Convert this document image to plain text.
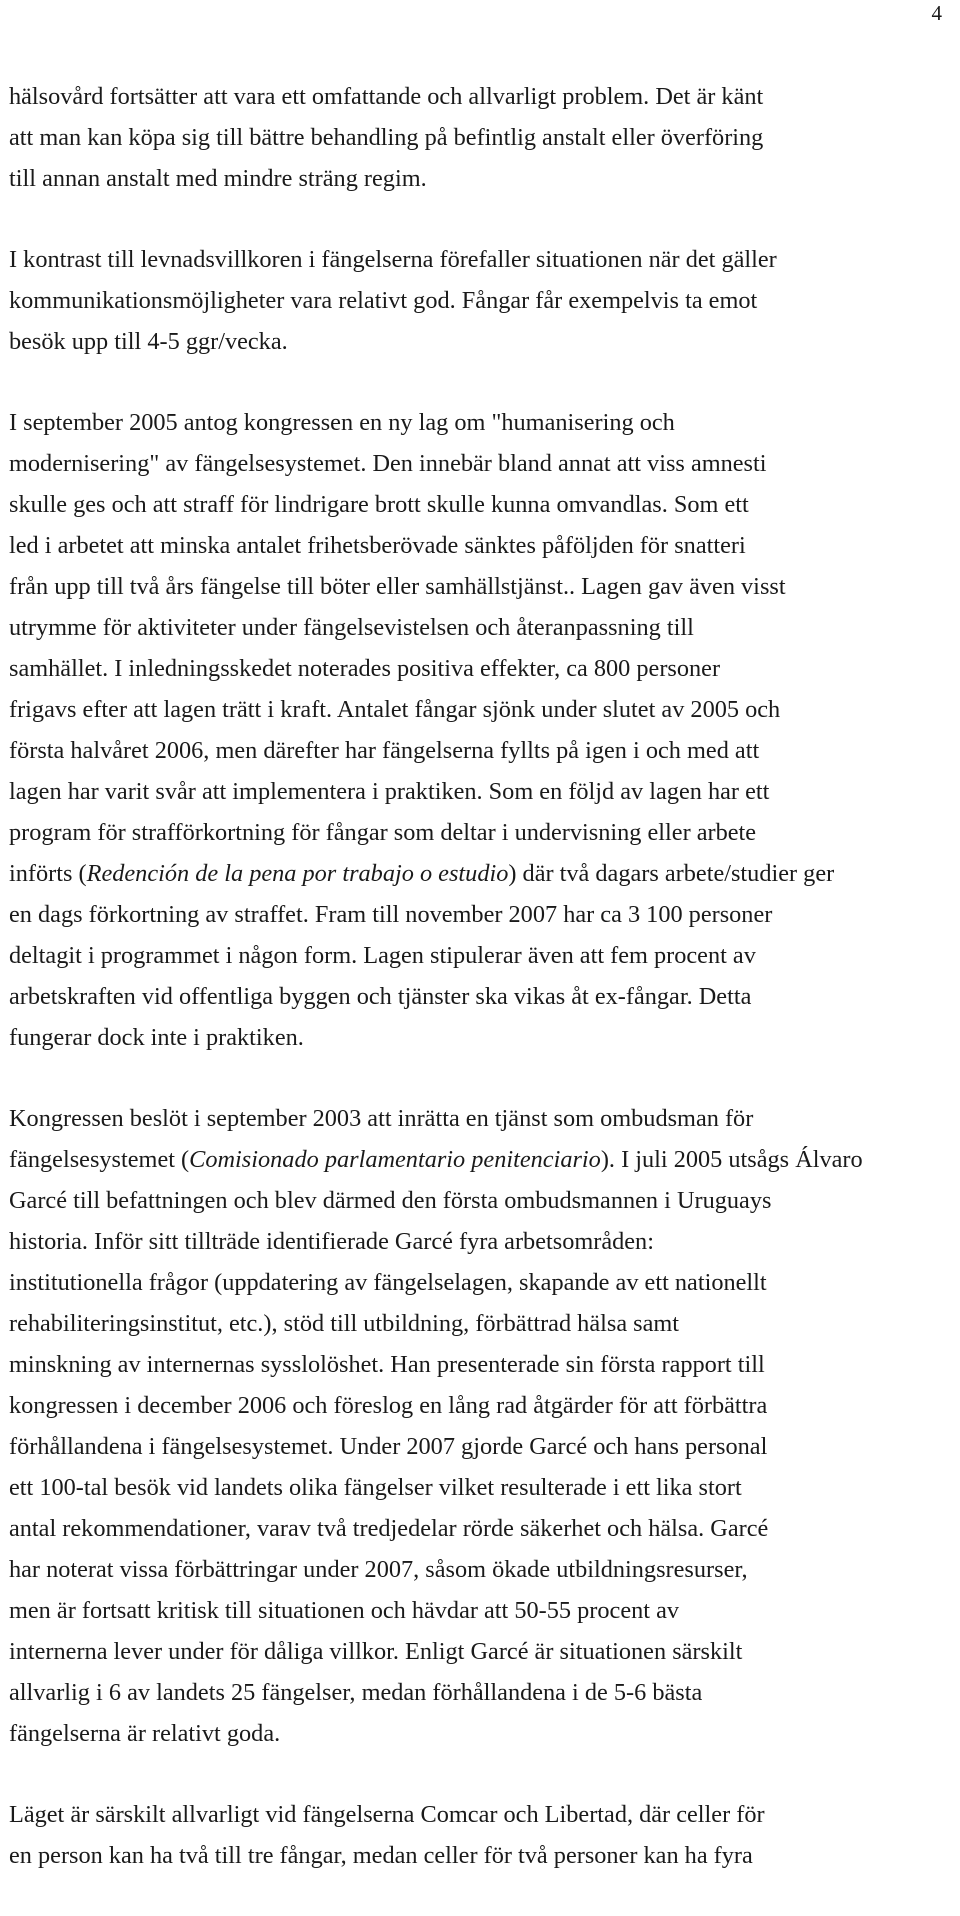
4

hälsovård fortsätter att vara ett omfattande och allvarligt problem. Det är känt
att man kan köpa sig till bättre behandling på befintlig anstalt eller överföring
till annan anstalt med mindre sträng regim.

I kontrast till levnadsvillkoren i fängelserna förefaller situationen när det gäller
kommunikationsmöjligheter vara relativt god. Fångar får exempelvis ta emot
besök upp till 4-5 ggr/vecka.

I september 2005 antog kongressen en ny lag om "humanisering och
modernisering" av fängelsesystemet. Den innebär bland annat att viss amnesti
skulle ges och att straff för lindrigare brott skulle kunna omvandlas. Som ett
led i arbetet att minska antalet frihetsberövade sänktes påföljden för snatteri
från upp till två års fängelse till böter eller samhällstjänst.. Lagen gav även visst
utrymme för aktiviteter under fängelsevistelsen och återanpassning till
samhället. I inledningsskedet noterades positiva effekter, ca 800 personer
frigavs efter att lagen trätt i kraft. Antalet fångar sjönk under slutet av 2005 och
första halvåret 2006, men därefter har fängelserna fyllts på igen i och med att
lagen har varit svår att implementera i praktiken. Som en följd av lagen har ett
program för strafförkortning för fångar som deltar i undervisning eller arbete
införts (Redención de la pena por trabajo o estudio) där två dagars arbete/studier ger
en dags förkortning av straffet. Fram till november 2007 har ca 3 100 personer
deltagit i programmet i någon form. Lagen stipulerar även att fem procent av
arbetskraften vid offentliga byggen och tjänster ska vikas åt ex-fångar. Detta
fungerar dock inte i praktiken.

Kongressen beslöt i september 2003 att inrätta en tjänst som ombudsman för
fängelsesystemet (Comisionado parlamentario penitenciario). I juli 2005 utsågs Álvaro
Garcé till befattningen och blev därmed den första ombudsmannen i Uruguays
historia. Inför sitt tillträde identifierade Garcé fyra arbetsområden:
institutionella frågor (uppdatering av fängelselagen, skapande av ett nationellt
rehabiliteringsinstitut, etc.), stöd till utbildning, förbättrad hälsa samt
minskning av internernas sysslolöshet. Han presenterade sin första rapport till
kongressen i december 2006 och föreslog en lång rad åtgärder för att förbättra
förhållandena i fängelsesystemet. Under 2007 gjorde Garcé och hans personal
ett 100-tal besök vid landets olika fängelser vilket resulterade i ett lika stort
antal rekommendationer, varav två tredjedelar rörde säkerhet och hälsa. Garcé
har noterat vissa förbättringar under 2007, såsom ökade utbildningsresurser,
men är fortsatt kritisk till situationen och hävdar att 50-55 procent av
internerna lever under för dåliga villkor. Enligt Garcé är situationen särskilt
allvarlig i 6 av landets 25 fängelser, medan förhållandena i de 5-6 bästa
fängelserna är relativt goda.

Läget är särskilt allvarligt vid fängelserna Comcar och Libertad, där celler för
en person kan ha två till tre fångar, medan celler för två personer kan ha fyra
